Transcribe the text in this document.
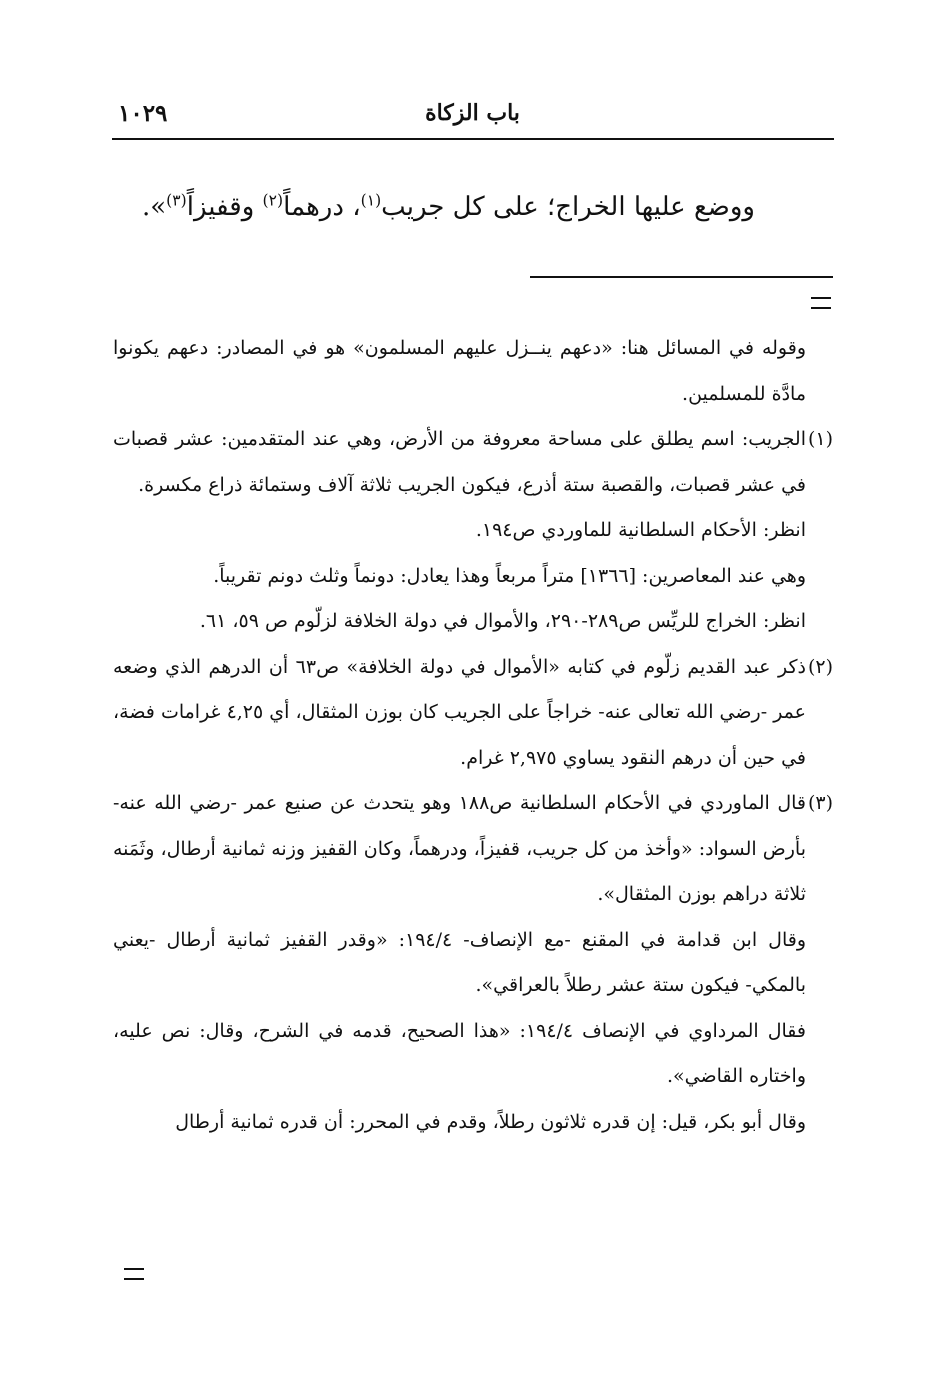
باب الزكاة
١٠٢٩
ووضع عليها الخراج؛ على كل جريب$^{(١)}$، درهماً$^{(٢)}$ وقفيزاً$^{(٣)}$».

وقوله في المسائل هنا: «دعهم ينــزل عليهم المسلمون» هو في المصادر: دعهم يكونوا مادَّة للمسلمين.

(١)

الجريب: اسم يطلق على مساحة معروفة من الأرض، وهي عند المتقدمين: عشر قصبات في عشر قصبات، والقصبة ستة أذرع، فيكون الجريب ثلاثة آلاف وستمائة ذراع مكسرة.

انظر: الأحكام السلطانية للماوردي ص١٩٤.

وهي عند المعاصرين: [١٣٦٦] متراً مربعاً وهذا يعادل: دونماً وثلث دونم تقريباً.

انظر: الخراج للريِّس ص٢٨٩-٢٩٠، والأموال في دولة الخلافة لزلّوم ص ٥٩، ٦١.

(٢)

ذكر عبد القديم زلّوم في كتابه «الأموال في دولة الخلافة» ص٦٣ أن الدرهم الذي وضعه عمر -رضي الله تعالى عنه- خراجاً على الجريب كان بوزن المثقال، أي ٤,٢٥ غرامات فضة، في حين أن درهم النقود يساوي ٢,٩٧٥ غرام.

(٣)

قال الماوردي في الأحكام السلطانية ص١٨٨ وهو يتحدث عن صنيع عمر -رضي الله عنه- بأرض السواد: «وأخذ من كل جريب، قفيزاً، ودرهماً، وكان القفيز وزنه ثمانية أرطال، وثَمَنه ثلاثة دراهم بوزن المثقال».

وقال ابن قدامة في المقنع -مع الإنصاف- ١٩٤/٤: «وقدر القفيز ثمانية أرطال -يعني بالمكي- فيكون ستة عشر رطلاً بالعراقي».

فقال المرداوي في الإنصاف ١٩٤/٤: «هذا الصحيح، قدمه في الشرح، وقال: نص عليه، واختاره القاضي».

وقال أبو بكر، قيل: إن قدره ثلاثون رطلاً، وقدم في المحرر: أن قدره ثمانية أرطال
